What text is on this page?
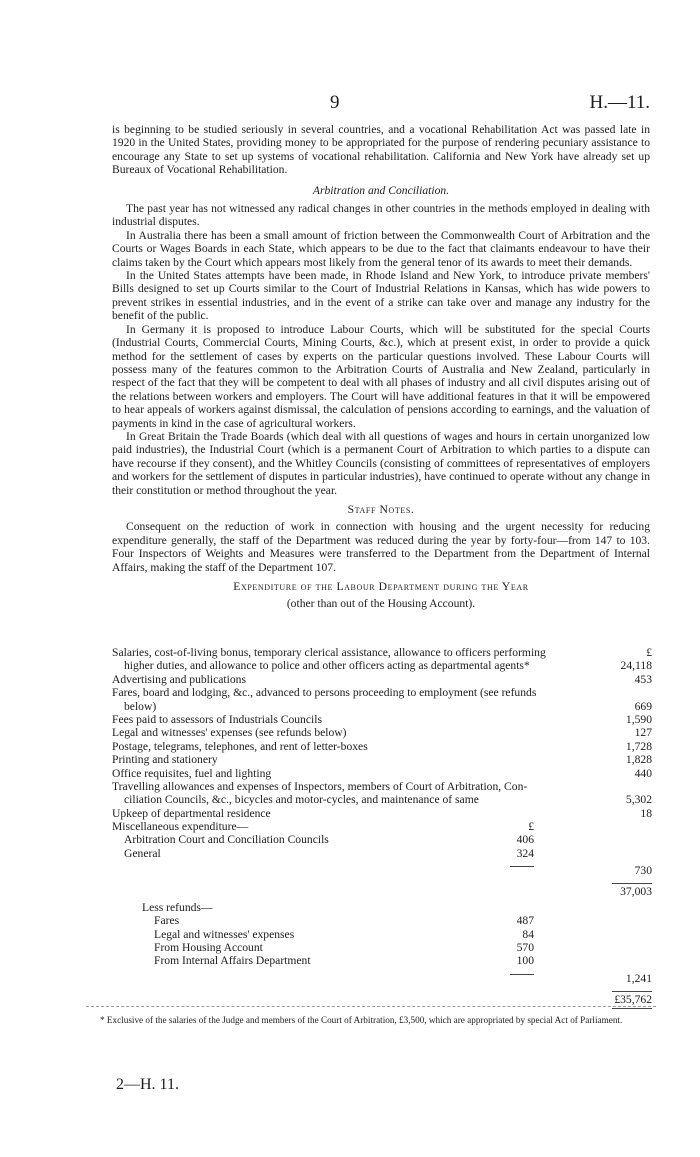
9	H.—11.

is beginning to be studied seriously in several countries, and a vocational Rehabilitation Act was passed late in 1920 in the United States, providing money to be appropriated for the purpose of rendering pecuniary assistance to encourage any State to set up systems of vocational rehabilitation. California and New York have already set up Bureaux of Vocational Rehabilitation.

Arbitration and Conciliation.

The past year has not witnessed any radical changes in other countries in the methods employed in dealing with industrial disputes.

In Australia there has been a small amount of friction between the Commonwealth Court of Arbitration and the Courts or Wages Boards in each State, which appears to be due to the fact that claimants endeavour to have their claims taken by the Court which appears most likely from the general tenor of its awards to meet their demands.

In the United States attempts have been made, in Rhode Island and New York, to introduce private members' Bills designed to set up Courts similar to the Court of Industrial Relations in Kansas, which has wide powers to prevent strikes in essential industries, and in the event of a strike can take over and manage any industry for the benefit of the public.

In Germany it is proposed to introduce Labour Courts, which will be substituted for the special Courts (Industrial Courts, Commercial Courts, Mining Courts, &c.), which at present exist, in order to provide a quick method for the settlement of cases by experts on the particular questions involved. These Labour Courts will possess many of the features common to the Arbitration Courts of Australia and New Zealand, particularly in respect of the fact that they will be competent to deal with all phases of industry and all civil disputes arising out of the relations between workers and employers. The Court will have additional features in that it will be empowered to hear appeals of workers against dismissal, the calculation of pensions according to earnings, and the valuation of payments in kind in the case of agricultural workers.

In Great Britain the Trade Boards (which deal with all questions of wages and hours in certain unorganized low paid industries), the Industrial Court (which is a permanent Court of Arbitration to which parties to a dispute can have recourse if they consent), and the Whitley Councils (consisting of committees of representatives of employers and workers for the settlement of disputes in particular industries), have continued to operate without any change in their constitution or method throughout the year.

Staff Notes.

Consequent on the reduction of work in connection with housing and the urgent necessity for reducing expenditure generally, the staff of the Department was reduced during the year by forty-four—from 147 to 103. Four Inspectors of Weights and Measures were transferred to the Department from the Department of Internal Affairs, making the staff of the Department 107.

Expenditure of the Labour Department during the Year
(other than out of the Housing Account).
Salaries, cost-of-living bonus, temporary clerical assistance, allowance to officers performing	£
higher duties, and allowance to police and other officers acting as departmental agents*	24,118
Advertising and publications	453
Fares, board and lodging, &c., advanced to persons proceeding to employment (see refunds
below)	669
Fees paid to assessors of Industrials Councils	1,590
Legal and witnesses' expenses (see refunds below)	127
Postage, telegrams, telephones, and rent of letter-boxes	1,728
Printing and stationery	1,828
Office requisites, fuel and lighting	440
Travelling allowances and expenses of Inspectors, members of Court of Arbitration, Con-
ciliation Councils, &c., bicycles and motor-cycles, and maintenance of same	5,302
Upkeep of departmental residence	18
Miscellaneous expenditure—	£
Arbitration Court and Conciliation Councils	406
General	324
730
37,003
Less refunds—
Fares	487
Legal and witnesses' expenses	84
From Housing Account	570
From Internal Affairs Department	100
1,241
£35,762
* Exclusive of the salaries of the Judge and members of the Court of Arbitration, £3,500, which are appropriated by special Act of Parliament.
2—H. 11.
